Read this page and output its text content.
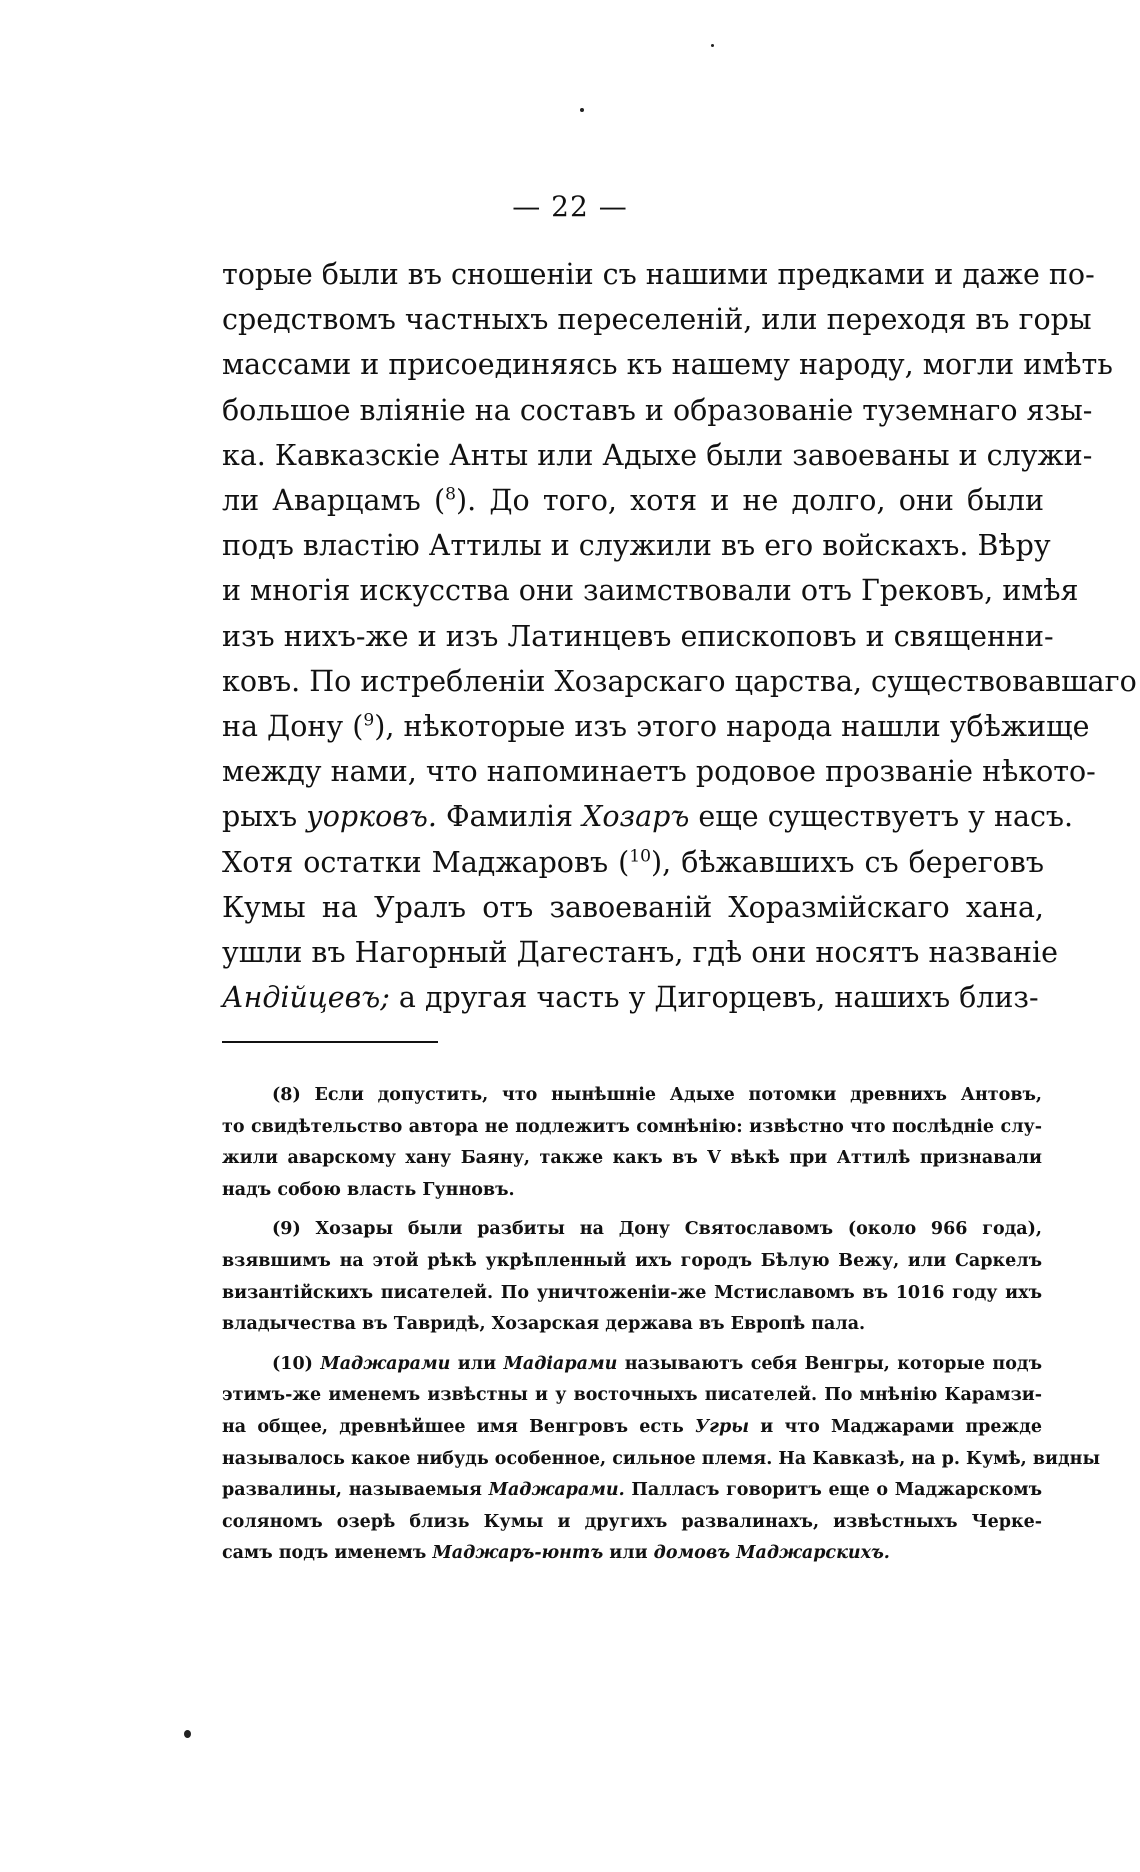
— 22 —
торые были въ сношеніи съ нашими предками и даже по-
средствомъ частныхъ переселеній, или переходя въ горы
массами и присоединяясь къ нашему народу, могли имѣть
большое вліяніе на составъ и образованіе туземнаго язы-
ка. Кавказскіе Анты или Адыхе были завоеваны и служи-
ли Аварцамъ ($^8$). До того, хотя и не долго, они были
подъ властію Аттилы и служили въ его войскахъ. Вѣру
и многія искусства они заимствовали отъ Грековъ, имѣя
изъ нихъ-же и изъ Латинцевъ епископовъ и священни-
ковъ. По истребленіи Хозарскаго царства, существовавшаго
на Дону ($^9$), нѣкоторые изъ этого народа нашли убѣжище
между нами, что напоминаетъ родовое прозваніе нѣкото-
рыхъ уорковъ. Фамилія Хозаръ еще существуетъ у насъ.
Хотя остатки Маджаровъ ($^{10}$), бѣжавшихъ съ береговъ
Кумы на Уралъ отъ завоеваній Хоразмійскаго хана,
ушли въ Нагорный Дагестанъ, гдѣ они носятъ названіе
Андійцевъ; а другая часть у Дигорцевъ, нашихъ близ-
(8) Если допустить, что нынѣшніе Адыхе потомки древнихъ Антовъ,
то свидѣтельство автора не подлежитъ сомнѣнію: извѣстно что послѣдніе слу-
жили аварскому хану Баяну, также какъ въ V вѣкѣ при Аттилѣ признавали
надъ собою власть Гунновъ.
(9) Хозары были разбиты на Дону Святославомъ (около 966 года),
взявшимъ на этой рѣкѣ укрѣпленный ихъ городъ Бѣлую Вежу, или Саркелъ
византійскихъ писателей. По уничтоженіи-же Мстиславомъ въ 1016 году ихъ
владычества въ Тавридѣ, Хозарская держава въ Европѣ пала.
(10) Маджарами или Мадіарами называютъ себя Венгры, которые подъ
этимъ-же именемъ извѣстны и у восточныхъ писателей. По мнѣнію Карамзи-
на общее, древнѣйшее имя Венгровъ есть Угры и что Маджарами прежде
называлось какое нибудь особенное, сильное племя. На Кавказѣ, на р. Кумѣ, видны
развалины, называемыя Маджарами. Палласъ говоритъ еще о Маджарскомъ
соляномъ озерѣ близь Кумы и другихъ развалинахъ, извѣстныхъ Черке-
самъ подъ именемъ Маджаръ-юнтъ или домовъ Маджарскихъ.
